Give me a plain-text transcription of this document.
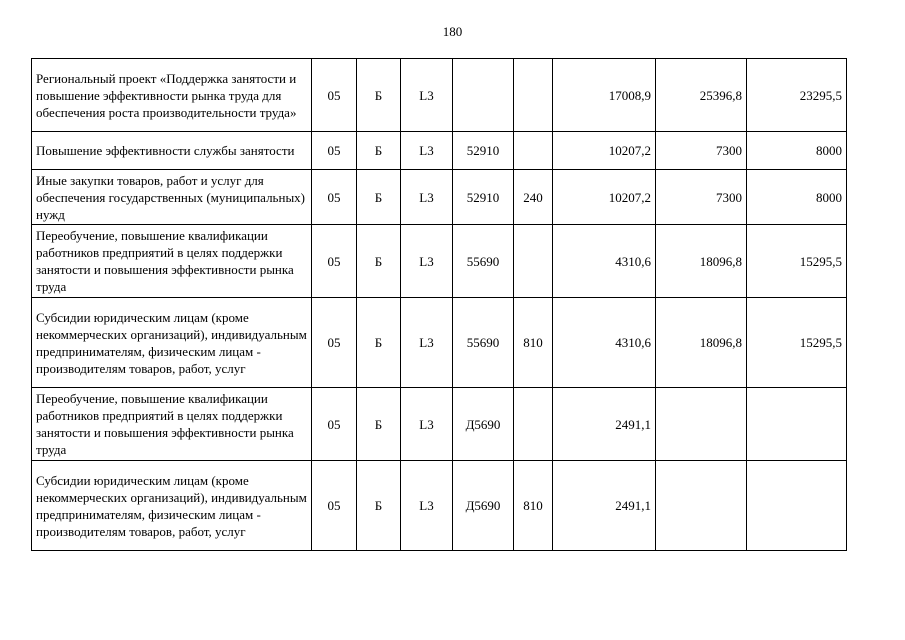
180
Региональный проект «Поддержка занятости и повышение эффективности рынка труда для обеспечения роста производительности труда»	05	Б	L3			17008,9	25396,8	23295,5
Повышение эффективности службы занятости	05	Б	L3	52910		10207,2	7300	8000
Иные закупки товаров, работ и услуг для обеспечения государственных (муниципальных) нужд	05	Б	L3	52910	240	10207,2	7300	8000
Переобучение, повышение квалификации работников предприятий в целях поддержки занятости и повышения эффективности рынка труда	05	Б	L3	55690		4310,6	18096,8	15295,5
Субсидии юридическим лицам (кроме некоммерческих организаций), индивидуальным предпринимателям, физическим лицам - производителям товаров, работ, услуг	05	Б	L3	55690	810	4310,6	18096,8	15295,5
Переобучение, повышение квалификации работников предприятий в целях поддержки занятости и повышения эффективности рынка труда	05	Б	L3	Д5690		2491,1		
Субсидии юридическим лицам (кроме некоммерческих организаций), индивидуальным предпринимателям, физическим лицам - производителям товаров, работ, услуг	05	Б	L3	Д5690	810	2491,1		
